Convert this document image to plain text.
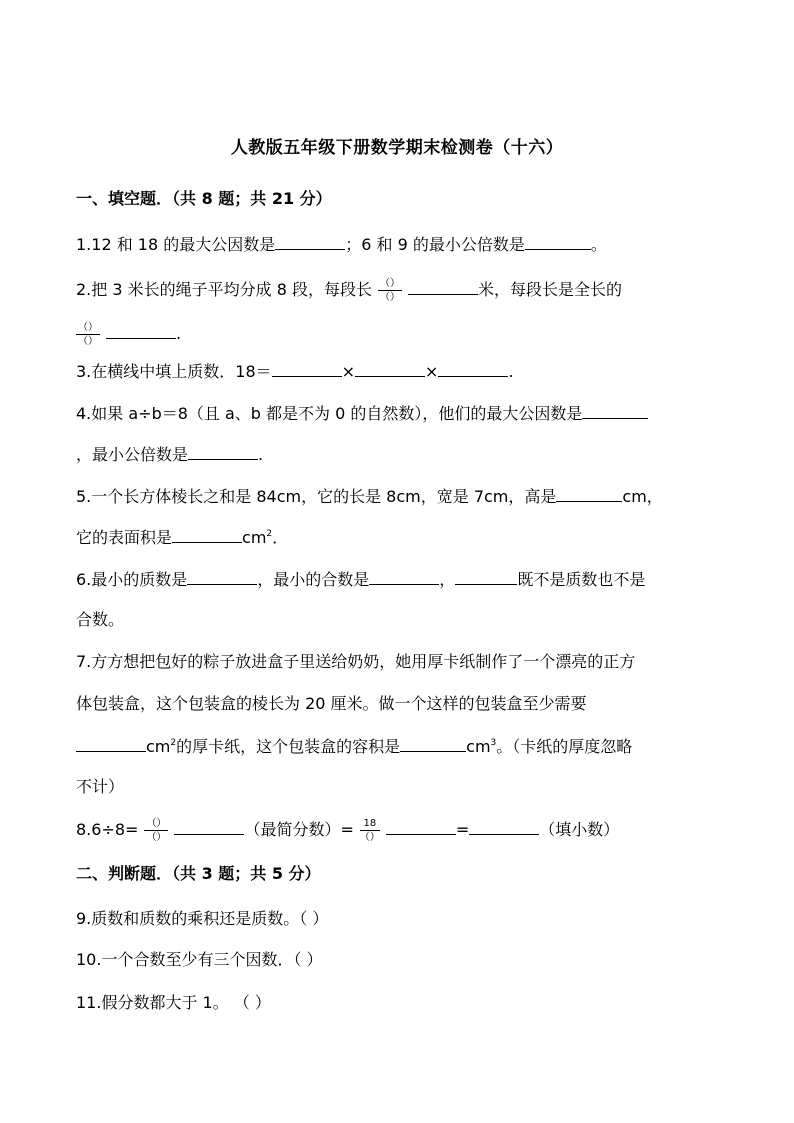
人教版五年级下册数学期末检测卷（十六）
一、填空题．（共 8 题；共 21 分）
1.12 和 18 的最大公因数是	；6 和 9 的最小公倍数是	。
2.把 3 米长的绳子平均分成 8 段，每段长 $\frac{()}{()}$	米，每段长是全长的
$\frac{()}{()}$	.
3.在横线中填上质数．18＝	×	×	.
4.如果 a÷b＝8（且 a、b 都是不为 0 的自然数），他们的最大公因数是
，最小公倍数是	.
5.一个长方体棱长之和是 84cm，它的长是 8cm，宽是 7cm，高是	cm，
它的表面积是	$cm^2$．
6.最小的质数是	，最小的合数是	，	既不是质数也不是
合数。
7.方方想把包好的粽子放进盒子里送给奶奶，她用厚卡纸制作了一个漂亮的正方
体包装盒，这个包装盒的棱长为 20 厘米。做一个这样的包装盒至少需要
$cm^2$的厚卡纸，这个包装盒的容积是	$cm^3$。（卡纸的厚度忽略
不计）
$8.6\div 8= \frac{()}{()}$	（最简分数）= $\frac{18}{()}$	=	（填小数）
二、判断题．（共 3 题；共 5 分）
9.质数和质数的乘积还是质数。（ ）
10.一个合数至少有三个因数．（ ）
11.假分数都大于 1。 （ ）
